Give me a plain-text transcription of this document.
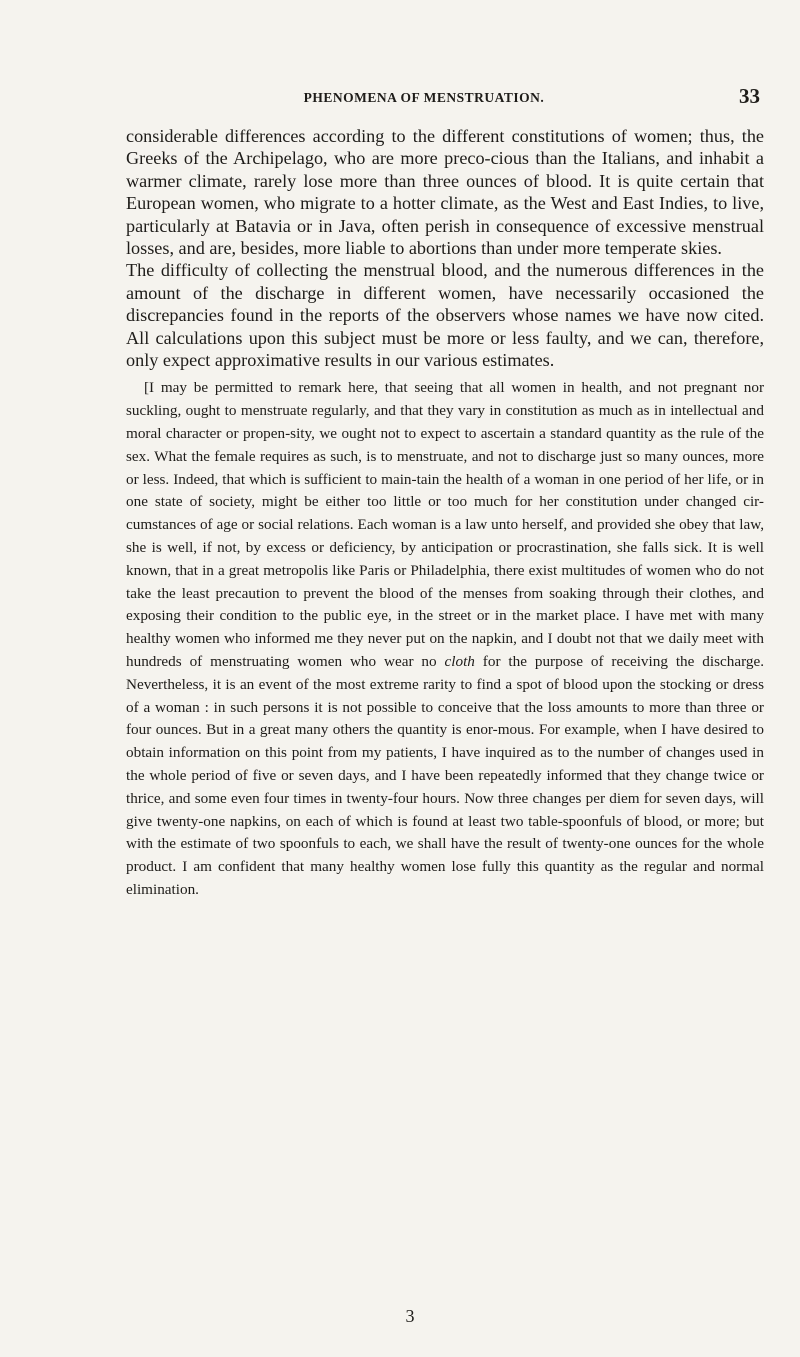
PHENOMENA OF MENSTRUATION.	33

considerable differences according to the different constitutions of women; thus, the Greeks of the Archipelago, who are more preco-cious than the Italians, and inhabit a warmer climate, rarely lose more than three ounces of blood. It is quite certain that European women, who migrate to a hotter climate, as the West and East Indies, to live, particularly at Batavia or in Java, often perish in consequence of excessive menstrual losses, and are, besides, more liable to abortions than under more temperate skies.

The difficulty of collecting the menstrual blood, and the numerous differences in the amount of the discharge in different women, have necessarily occasioned the discrepancies found in the reports of the observers whose names we have now cited. All calculations upon this subject must be more or less faulty, and we can, therefore, only expect approximative results in our various estimates.

[I may be permitted to remark here, that seeing that all women in health, and not pregnant nor suckling, ought to menstruate regularly, and that they vary in constitution as much as in intellectual and moral character or propen-sity, we ought not to expect to ascertain a standard quantity as the rule of the sex. What the female requires as such, is to menstruate, and not to discharge just so many ounces, more or less. Indeed, that which is sufficient to main-tain the health of a woman in one period of her life, or in one state of society, might be either too little or too much for her constitution under changed cir-cumstances of age or social relations. Each woman is a law unto herself, and provided she obey that law, she is well, if not, by excess or deficiency, by anticipation or procrastination, she falls sick. It is well known, that in a great metropolis like Paris or Philadelphia, there exist multitudes of women who do not take the least precaution to prevent the blood of the menses from soaking through their clothes, and exposing their condition to the public eye, in the street or in the market place. I have met with many healthy women who informed me they never put on the napkin, and I doubt not that we daily meet with hundreds of menstruating women who wear no cloth for the purpose of receiving the discharge. Nevertheless, it is an event of the most extreme rarity to find a spot of blood upon the stocking or dress of a woman : in such persons it is not possible to conceive that the loss amounts to more than three or four ounces. But in a great many others the quantity is enor-mous. For example, when I have desired to obtain information on this point from my patients, I have inquired as to the number of changes used in the whole period of five or seven days, and I have been repeatedly informed that they change twice or thrice, and some even four times in twenty-four hours. Now three changes per diem for seven days, will give twenty-one napkins, on each of which is found at least two table-spoonfuls of blood, or more; but with the estimate of two spoonfuls to each, we shall have the result of twenty-one ounces for the whole product. I am confident that many healthy women lose fully this quantity as the regular and normal elimination.

3
